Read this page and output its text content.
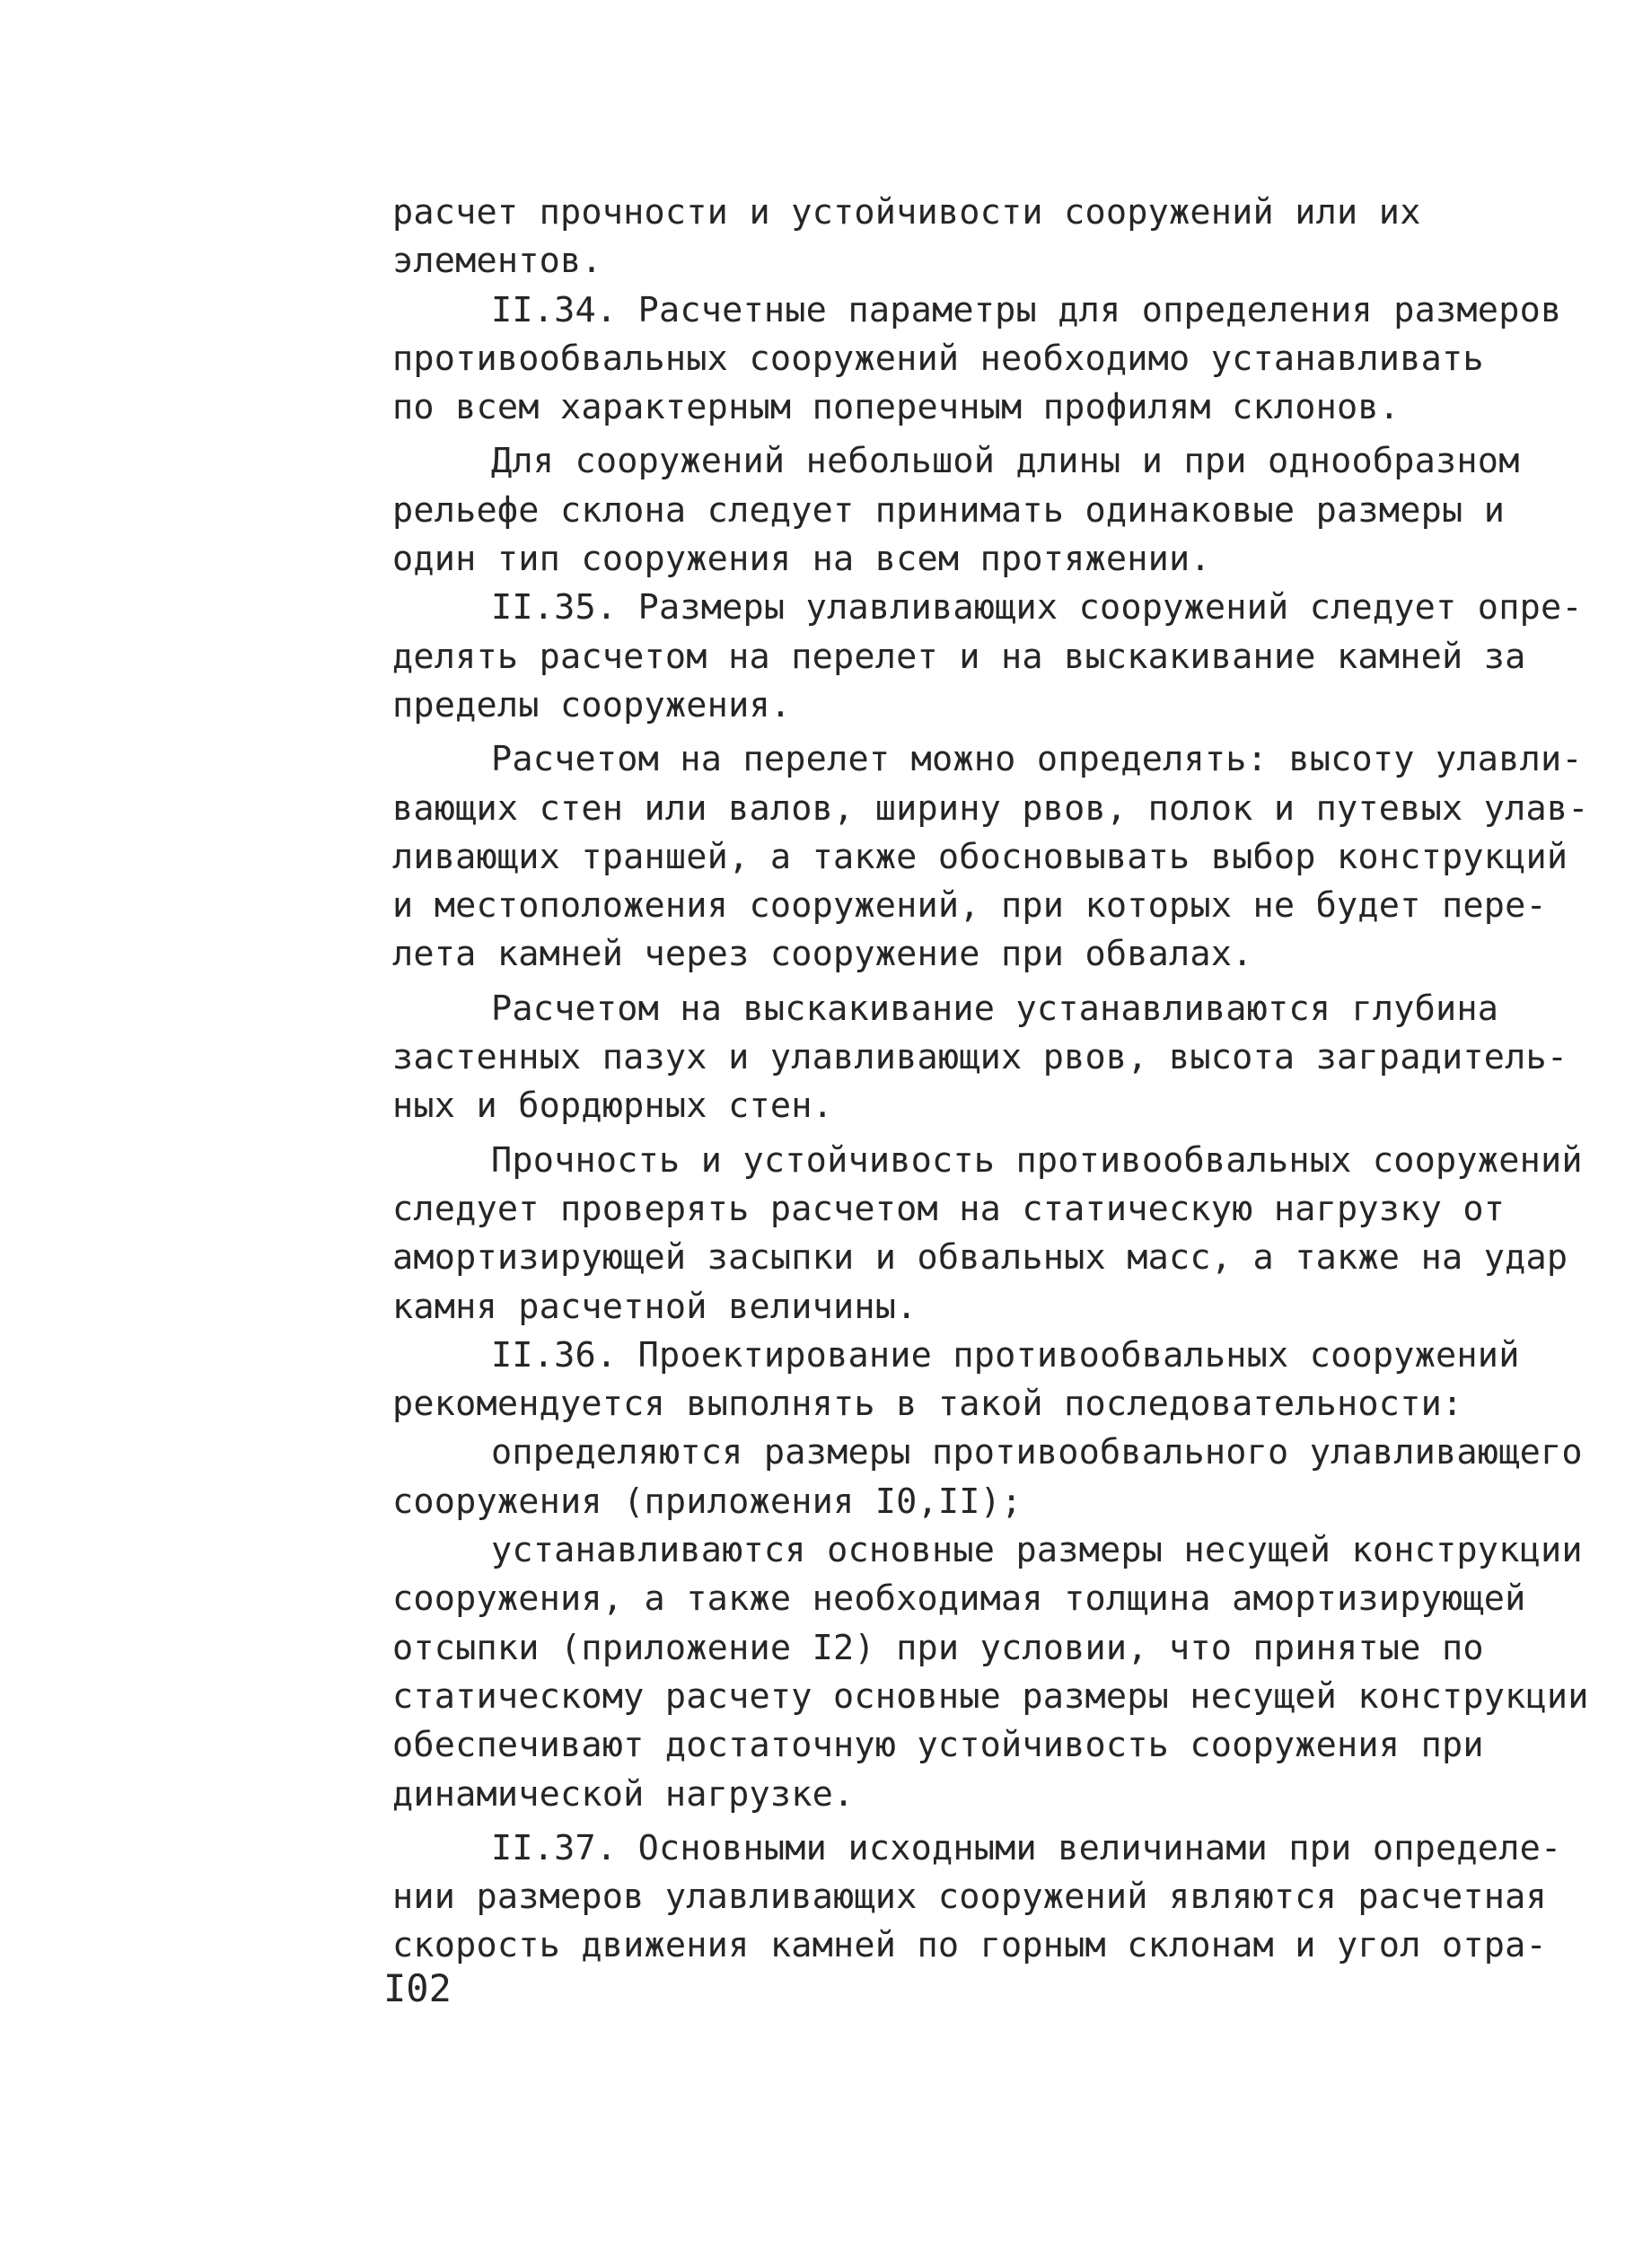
расчет прочности и устойчивости сооружений или их
элементов.
II.34. Расчетные параметры для определения размеров
противообвальных сооружений необходимо устанавливать
по всем характерным поперечным профилям склонов.
Для сооружений небольшой длины и при однообразном
рельефе склона следует принимать одинаковые размеры и
один тип сооружения на всем протяжении.
II.35. Размеры улавливающих сооружений следует опре-
делять расчетом на перелет и на выскакивание камней за
пределы сооружения.
Расчетом на перелет можно определять: высоту улавли-
вающих стен или валов, ширину рвов, полок и путевых улав-
ливающих траншей, а также обосновывать выбор конструкций
и местоположения сооружений, при которых не будет пере-
лета камней через сооружение при обвалах.
Расчетом на выскакивание устанавливаются глубина
застенных пазух и улавливающих рвов, высота заградитель-
ных и бордюрных стен.
Прочность и устойчивость противообвальных сооружений
следует проверять расчетом на статическую нагрузку от
амортизирующей засыпки и обвальных масс, а также на удар
камня расчетной величины.
II.36. Проектирование противообвальных сооружений
рекомендуется выполнять в такой последовательности:
определяются размеры противообвального улавливающего
сооружения (приложения I0,II);
устанавливаются основные размеры несущей конструкции
сооружения, а также необходимая толщина амортизирующей
отсыпки (приложение I2) при условии, что принятые по
статическому расчету основные размеры несущей конструкции
обеспечивают достаточную устойчивость сооружения при
динамической нагрузке.
II.37. Основными исходными величинами при определе-
нии размеров улавливающих сооружений являются расчетная
скорость движения камней по горным склонам и угол отра-
I02
